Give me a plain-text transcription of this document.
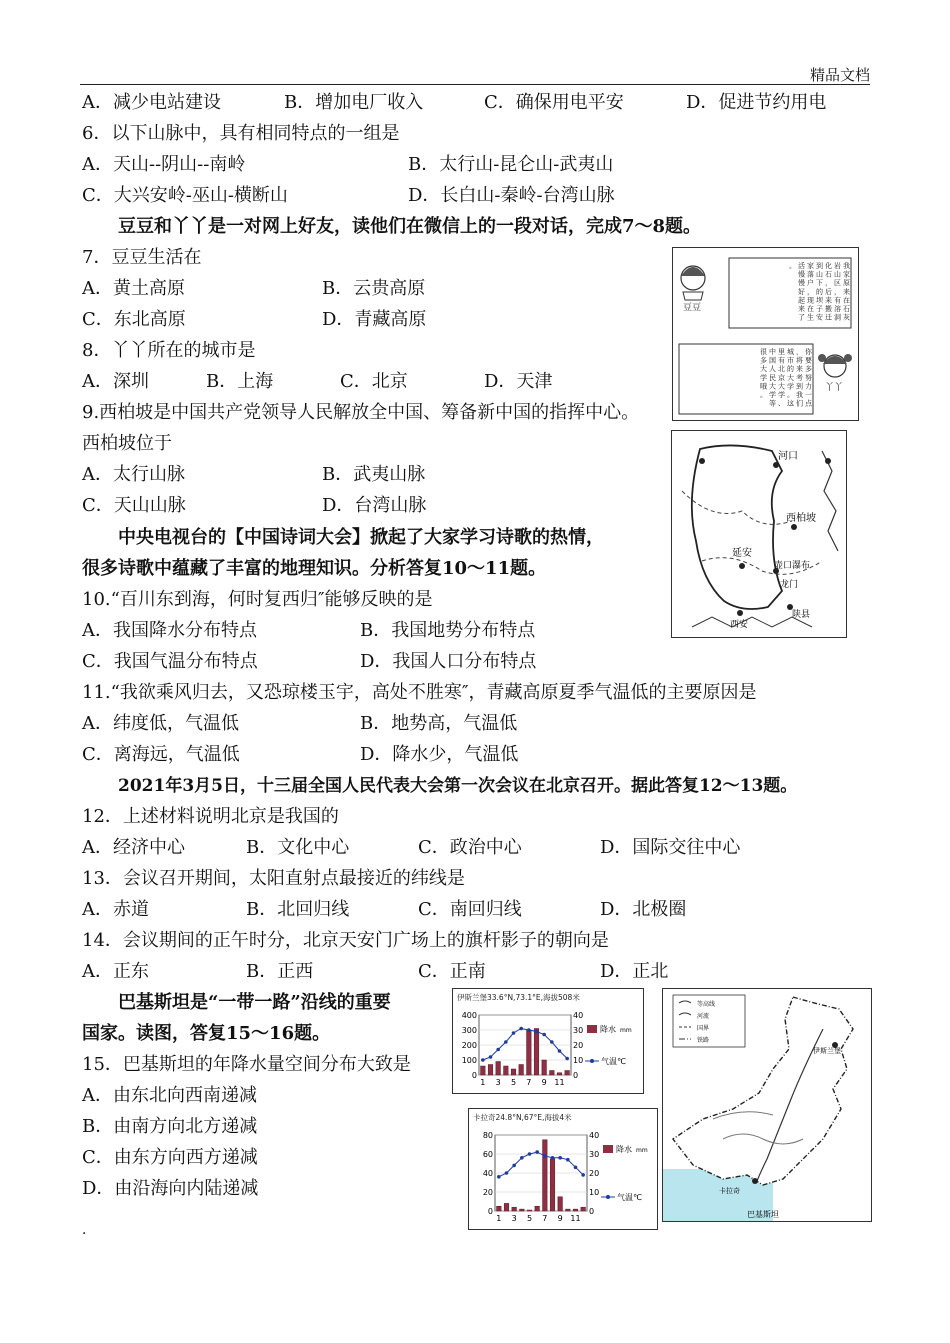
精品文档
A．减少电站建设	B．增加电厂收入	C．确保用电平安	D．促进节约用电
6．以下山脉中，具有相同特点的一组是
A．天山--阴山--南岭	B．太行山-昆仑山-武夷山
C．大兴安岭-巫山-横断山	D．长白山-秦岭-台湾山脉
豆豆和丫丫是一对网上好友，读他们在微信上的一段对话，完成7～8题。
7．豆豆生活在
A．黄土高原	B．云贵高原
C．东北高原	D．青藏高原
8．丫丫所在的城市是
A．深圳	B．上海	C．北京	D．天津
9.西柏坡是中国共产党领导人民解放全中国、筹备新中国的指挥中心。
西柏坡位于
A．太行山脉	B．武夷山脉
C．天山山脉	D．台湾山脉
中央电视台的【中国诗词大会】掀起了大家学习诗歌的热情，
很多诗歌中蕴藏了丰富的地理知识。分析答复10～11题。
10.“百川东到海，何时复西归″能够反映的是
A．我国降水分布特点	B．我国地势分布特点
C．我国气温分布特点	D．我国人口分布特点
11.“我欲乘风归去，又恐琼楼玉宇，高处不胜寒″，青藏高原夏季气温低的主要原因是
A．纬度低，气温低	B．地势高，气温低
C．离海远，气温低	D．降水少，气温低
2021年3月5日，十三届全国人民代表大会第一次会议在北京召开。据此答复12～13题。
12．上述材料说明北京是我国的
A．经济中心	B．文化中心	C．政治中心	D．国际交往中心
13．会议召开期间，太阳直射点最接近的纬线是
A．赤道	B．北回归线	C．南回归线	D．北极圈
14．会议期间的正午时分，北京天安门广场上的旗杆影子的朝向是
A．正东	B．正西	C．正南	D．正北
巴基斯坦是“一带一路”沿线的重要
国家。读图，答复15～16题。
15．巴基斯坦的年降水量空间分布大致是
A．由东北向西南递减
B．由南方向北方递减
C．由东方向西方递减
D．由沿海向内陆递减
.
豆豆
丫丫
我
家
原
来
在
石
灰
岩
山
区
，
有
溶
洞
化
石
，
后
来
搬
迁
到
山
下
的
坝
子
安
家
落
户
，
现
在
生
活
慢
慢
好
起
来
了
。
你
要
多
努
力
一
点
，
将
来
考
到
我
们
城
市
的
大
学
。
这
里
有
北
京
大
学
、
中
国
人
民
大
学
等
很
多
大
学
哦
。
河口
西柏坡
延安
壶口瀑布
龙门
西安
陕县
伊斯兰堡33.6°N,73.1°E,海拔508米
400	40
300	30
200	20
100	10
0	0
1 3 5 7 9 11
降水 mm
气温℃
卡拉奇24.8°N,67°E,海拔4米
80	40
60	30
40	20
20	10
0	0
1 3 5 7 9 11
降水 mm
气温℃
等高线
河流
国界
铁路
伊斯兰堡
卡拉奇
巴基斯坦
